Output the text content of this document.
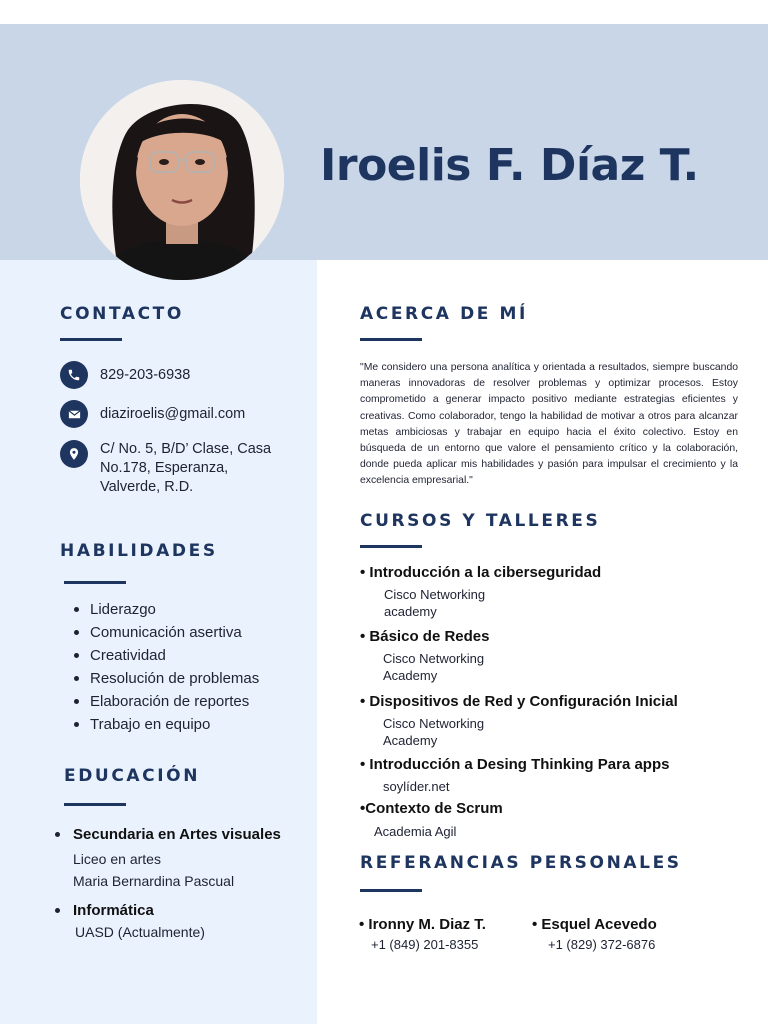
Iroelis F. Díaz T.
CONTACTO
829-203-6938
diaziroelis@gmail.com
C/ No. 5, B/D’ Clase, Casa No.178, Esperanza, Valverde, R.D.
HABILIDADES
Liderazgo
Comunicación asertiva
Creatividad
Resolución de problemas
Elaboración de reportes
Trabajo en equipo
EDUCACIÓN
Secundaria en Artes visuales
Liceo en artes
Maria Bernardina Pascual
Informática
UASD (Actualmente)
ACERCA DE MÍ
"Me considero una persona analítica y orientada a resultados, siempre buscando maneras innovadoras de resolver problemas y optimizar procesos. Estoy comprometido a generar impacto positivo mediante estrategias eficientes y creativas. Como colaborador, tengo la habilidad de motivar a otros para alcanzar metas ambiciosas y trabajar en equipo hacia el éxito colectivo. Estoy en búsqueda de un entorno que valore el pensamiento crítico y la colaboración, donde pueda aplicar mis habilidades y pasión para impulsar el crecimiento y la excelencia empresarial."
CURSOS Y TALLERES
• Introducción a la ciberseguridad
Cisco Networking
academy
• Básico de Redes
Cisco Networking
Academy
• Dispositivos de Red y Configuración Inicial
Cisco Networking
Academy
• Introducción a Desing Thinking Para apps
soylíder.net
•Contexto de Scrum
Academia Agil
REFERANCIAS PERSONALES
• Ironny M. Diaz T.
+1 (849) 201-8355
• Esquel Acevedo
+1 (829) 372-6876
